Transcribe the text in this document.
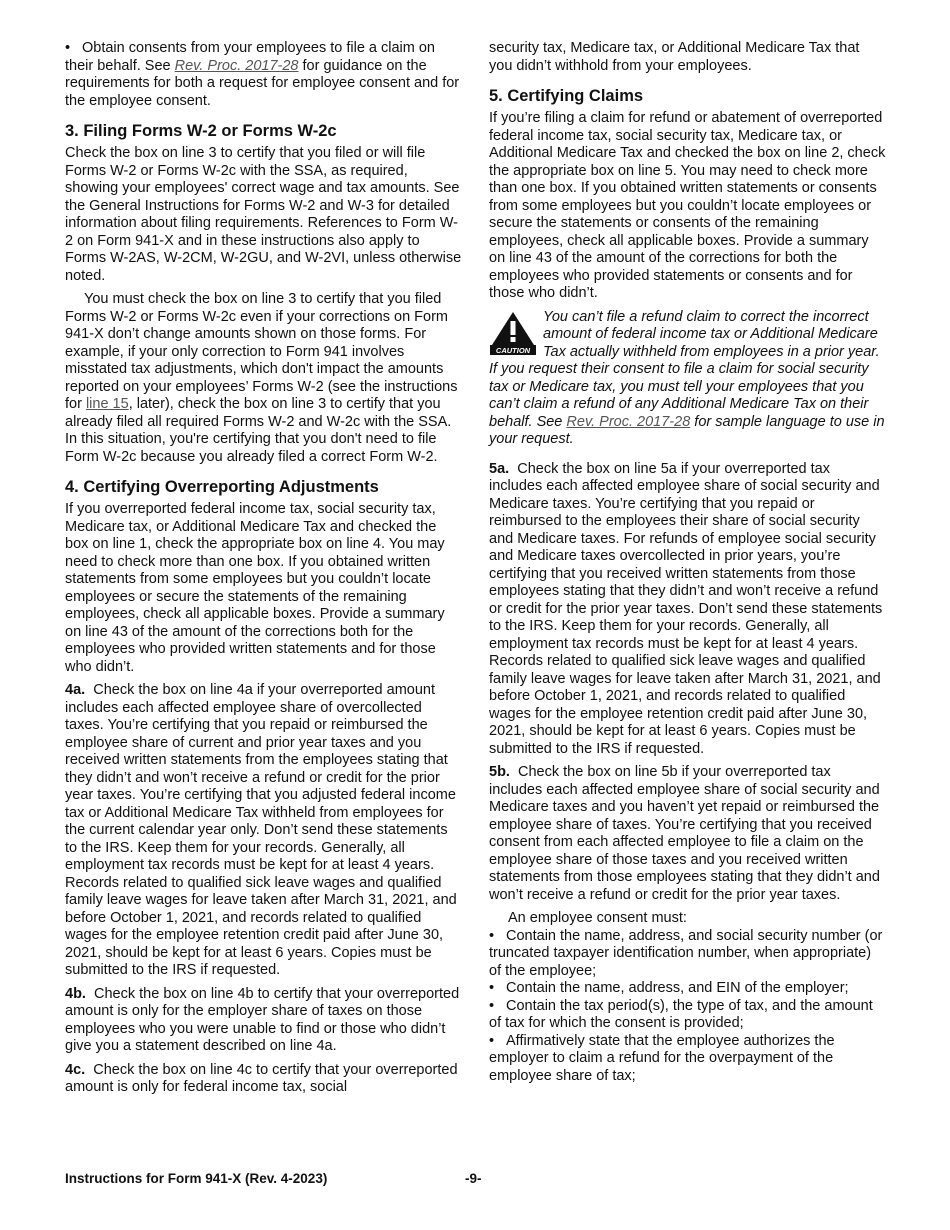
• Obtain consents from your employees to file a claim on their behalf. See Rev. Proc. 2017-28 for guidance on the requirements for both a request for employee consent and for the employee consent.

3. Filing Forms W-2 or Forms W-2c

Check the box on line 3 to certify that you filed or will file Forms W-2 or Forms W-2c with the SSA, as required, showing your employees' correct wage and tax amounts. See the General Instructions for Forms W-2 and W-3 for detailed information about filing requirements. References to Form W-2 on Form 941-X and in these instructions also apply to Forms W-2AS, W-2CM, W-2GU, and W-2VI, unless otherwise noted.

You must check the box on line 3 to certify that you filed Forms W-2 or Forms W-2c even if your corrections on Form 941-X don’t change amounts shown on those forms. For example, if your only correction to Form 941 involves misstated tax adjustments, which don't impact the amounts reported on your employees’ Forms W-2 (see the instructions for line 15, later), check the box on line 3 to certify that you already filed all required Forms W-2 and W-2c with the SSA. In this situation, you're certifying that you don't need to file Form W-2c because you already filed a correct Form W-2.

4. Certifying Overreporting Adjustments

If you overreported federal income tax, social security tax, Medicare tax, or Additional Medicare Tax and checked the box on line 1, check the appropriate box on line 4. You may need to check more than one box. If you obtained written statements from some employees but you couldn’t locate employees or secure the statements of the remaining employees, check all applicable boxes. Provide a summary on line 43 of the amount of the corrections both for the employees who provided written statements and for those who didn’t.

4a. Check the box on line 4a if your overreported amount includes each affected employee share of overcollected taxes. You’re certifying that you repaid or reimbursed the employee share of current and prior year taxes and you received written statements from the employees stating that they didn’t and won’t receive a refund or credit for the prior year taxes. You’re certifying that you adjusted federal income tax or Additional Medicare Tax withheld from employees for the current calendar year only. Don’t send these statements to the IRS. Keep them for your records. Generally, all employment tax records must be kept for at least 4 years. Records related to qualified sick leave wages and qualified family leave wages for leave taken after March 31, 2021, and before October 1, 2021, and records related to qualified wages for the employee retention credit paid after June 30, 2021, should be kept for at least 6 years. Copies must be submitted to the IRS if requested.

4b. Check the box on line 4b to certify that your overreported amount is only for the employer share of taxes on those employees who you were unable to find or those who didn’t give you a statement described on line 4a.

4c. Check the box on line 4c to certify that your overreported amount is only for federal income tax, social

security tax, Medicare tax, or Additional Medicare Tax that you didn’t withhold from your employees.

5. Certifying Claims

If you’re filing a claim for refund or abatement of overreported federal income tax, social security tax, Medicare tax, or Additional Medicare Tax and checked the box on line 2, check the appropriate box on line 5. You may need to check more than one box. If you obtained written statements or consents from some employees but you couldn’t locate employees or secure the statements or consents of the remaining employees, check all applicable boxes. Provide a summary on line 43 of the amount of the corrections for both the employees who provided statements or consents and for those who didn’t.

CAUTION
You can’t file a refund claim to correct the incorrect amount of federal income tax or Additional Medicare Tax actually withheld from employees in a prior year. If you request their consent to file a claim for social security tax or Medicare tax, you must tell your employees that you can’t claim a refund of any Additional Medicare Tax on their behalf. See Rev. Proc. 2017-28 for sample language to use in your request.

5a. Check the box on line 5a if your overreported tax includes each affected employee share of social security and Medicare taxes. You’re certifying that you repaid or reimbursed to the employees their share of social security and Medicare taxes. For refunds of employee social security and Medicare taxes overcollected in prior years, you’re certifying that you received written statements from those employees stating that they didn’t and won’t receive a refund or credit for the prior year taxes. Don’t send these statements to the IRS. Keep them for your records. Generally, all employment tax records must be kept for at least 4 years. Records related to qualified sick leave wages and qualified family leave wages for leave taken after March 31, 2021, and before October 1, 2021, and records related to qualified wages for the employee retention credit paid after June 30, 2021, should be kept for at least 6 years. Copies must be submitted to the IRS if requested.

5b. Check the box on line 5b if your overreported tax includes each affected employee share of social security and Medicare taxes and you haven’t yet repaid or reimbursed the employee share of taxes. You’re certifying that you received consent from each affected employee to file a claim on the employee share of those taxes and you received written statements from those employees stating that they didn’t and won’t receive a refund or credit for the prior year taxes.

An employee consent must:

• Contain the name, address, and social security number (or truncated taxpayer identification number, when appropriate) of the employee;

• Contain the name, address, and EIN of the employer;

• Contain the tax period(s), the type of tax, and the amount of tax for which the consent is provided;

• Affirmatively state that the employee authorizes the employer to claim a refund for the overpayment of the employee share of tax;

Instructions for Form 941-X (Rev. 4-2023)	-9-
